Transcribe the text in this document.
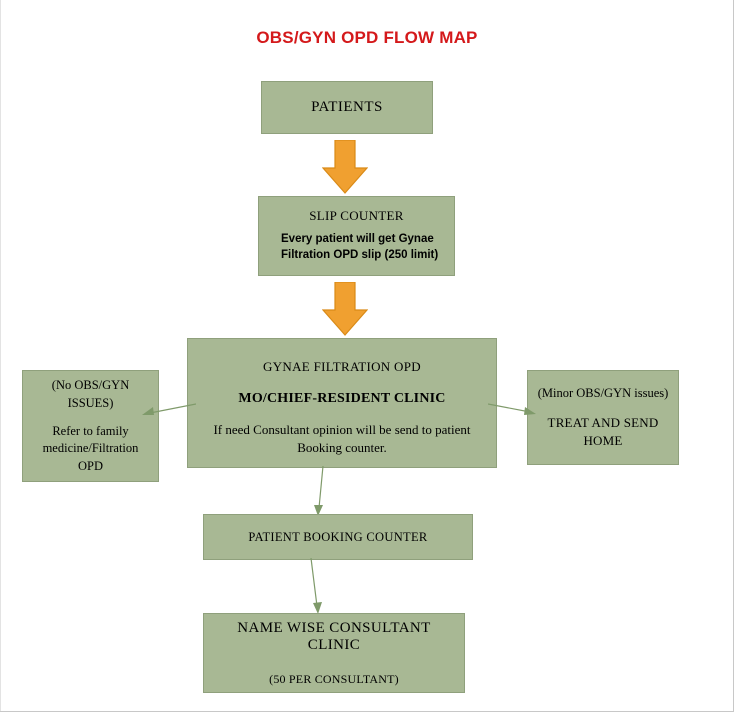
OBS/GYN OPD FLOW MAP
PATIENTS
SLIP COUNTER
Every patient will get Gynae Filtration OPD slip (250 limit)
GYNAE FILTRATION OPD
MO/CHIEF-RESIDENT CLINIC
If need Consultant opinion will be send to patient Booking counter.
(No OBS/GYN ISSUES)
Refer to family medicine/Filtration OPD
(Minor OBS/GYN issues)
TREAT AND SEND HOME
PATIENT BOOKING COUNTER
NAME WISE CONSULTANT CLINIC
(50 PER CONSULTANT)
